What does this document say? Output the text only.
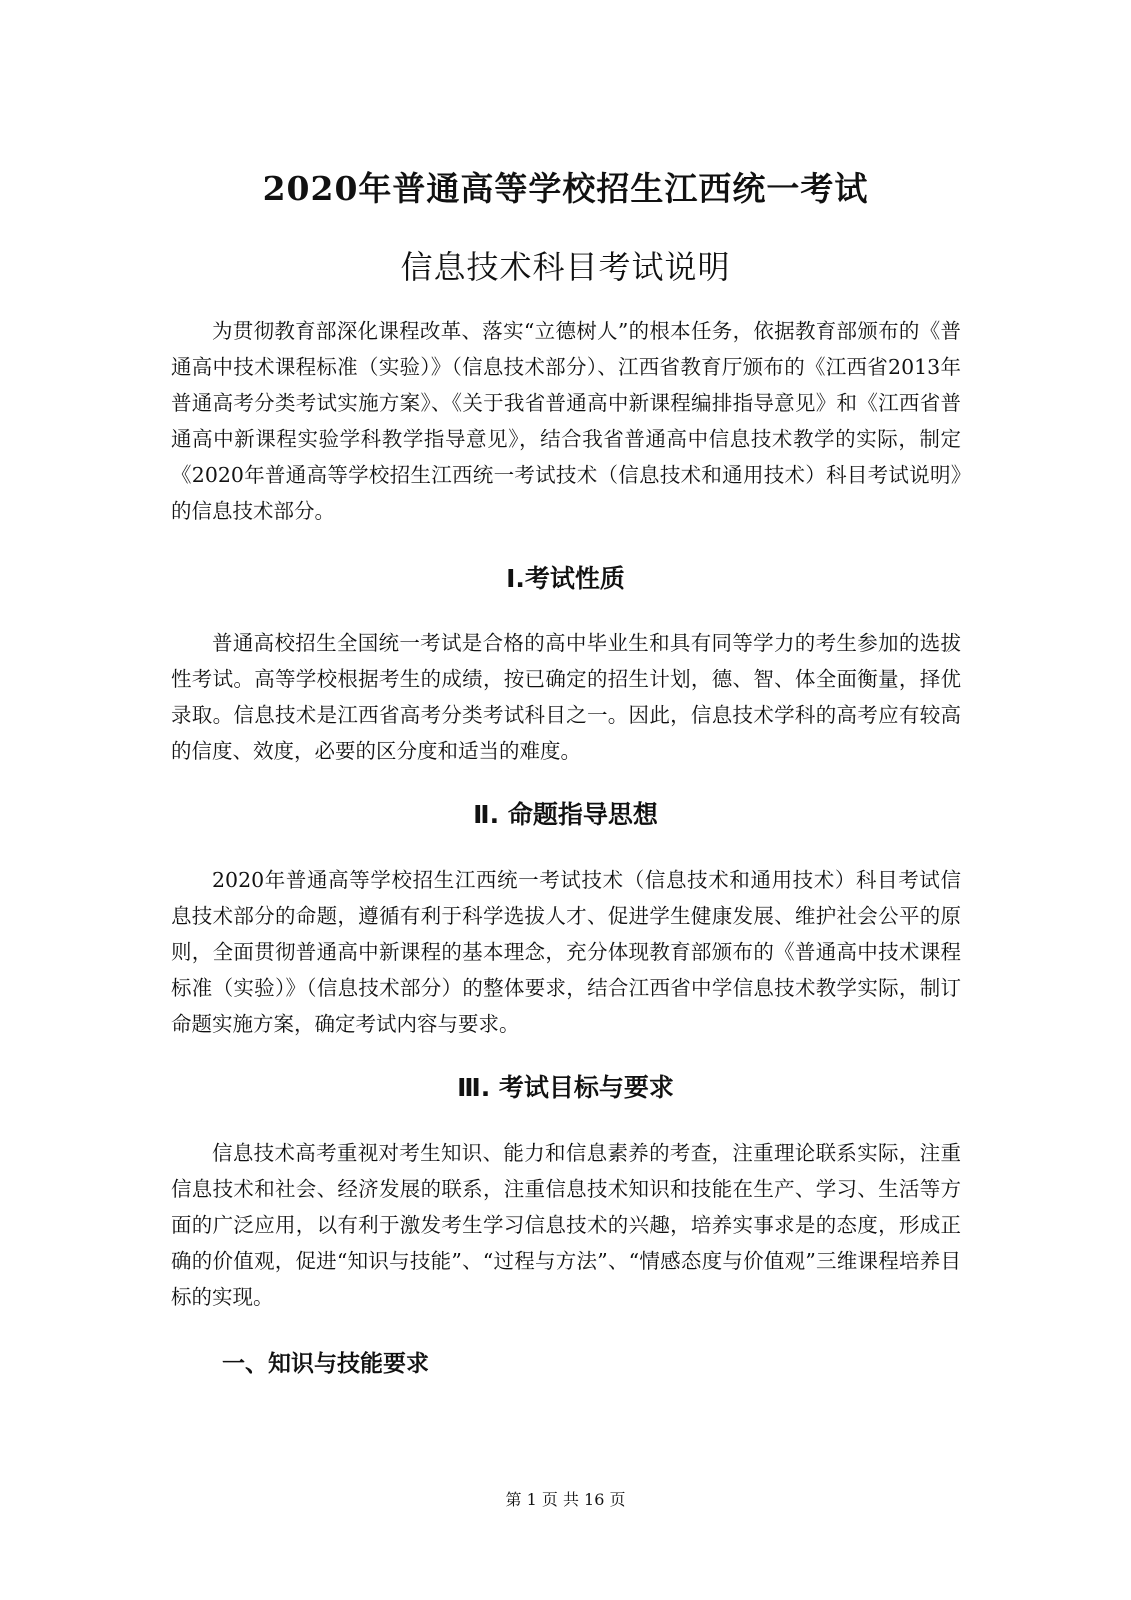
2020年普通高等学校招生江西统一考试
信息技术科目考试说明

为贯彻教育部深化课程改革、落实“立德树人”的根本任务，依据教育部颁布的《普通高中技术课程标准（实验）》（信息技术部分）、江西省教育厅颁布的《江西省2013年普通高考分类考试实施方案》、《关于我省普通高中新课程编排指导意见》和《江西省普通高中新课程实验学科教学指导意见》，结合我省普通高中信息技术教学的实际，制定《2020年普通高等学校招生江西统一考试技术（信息技术和通用技术）科目考试说明》的信息技术部分。

Ⅰ.考试性质

普通高校招生全国统一考试是合格的高中毕业生和具有同等学力的考生参加的选拔性考试。高等学校根据考生的成绩，按已确定的招生计划，德、智、体全面衡量，择优录取。信息技术是江西省高考分类考试科目之一。因此，信息技术学科的高考应有较高的信度、效度，必要的区分度和适当的难度。

Ⅱ. 命题指导思想

2020年普通高等学校招生江西统一考试技术（信息技术和通用技术）科目考试信息技术部分的命题，遵循有利于科学选拔人才、促进学生健康发展、维护社会公平的原则，全面贯彻普通高中新课程的基本理念，充分体现教育部颁布的《普通高中技术课程标准（实验）》（信息技术部分）的整体要求，结合江西省中学信息技术教学实际，制订命题实施方案，确定考试内容与要求。

Ⅲ. 考试目标与要求

信息技术高考重视对考生知识、能力和信息素养的考查，注重理论联系实际，注重信息技术和社会、经济发展的联系，注重信息技术知识和技能在生产、学习、生活等方面的广泛应用，以有利于激发考生学习信息技术的兴趣，培养实事求是的态度，形成正确的价值观，促进“知识与技能”、“过程与方法”、“情感态度与价值观”三维课程培养目标的实现。

一、知识与技能要求
第 1 页 共 16 页
